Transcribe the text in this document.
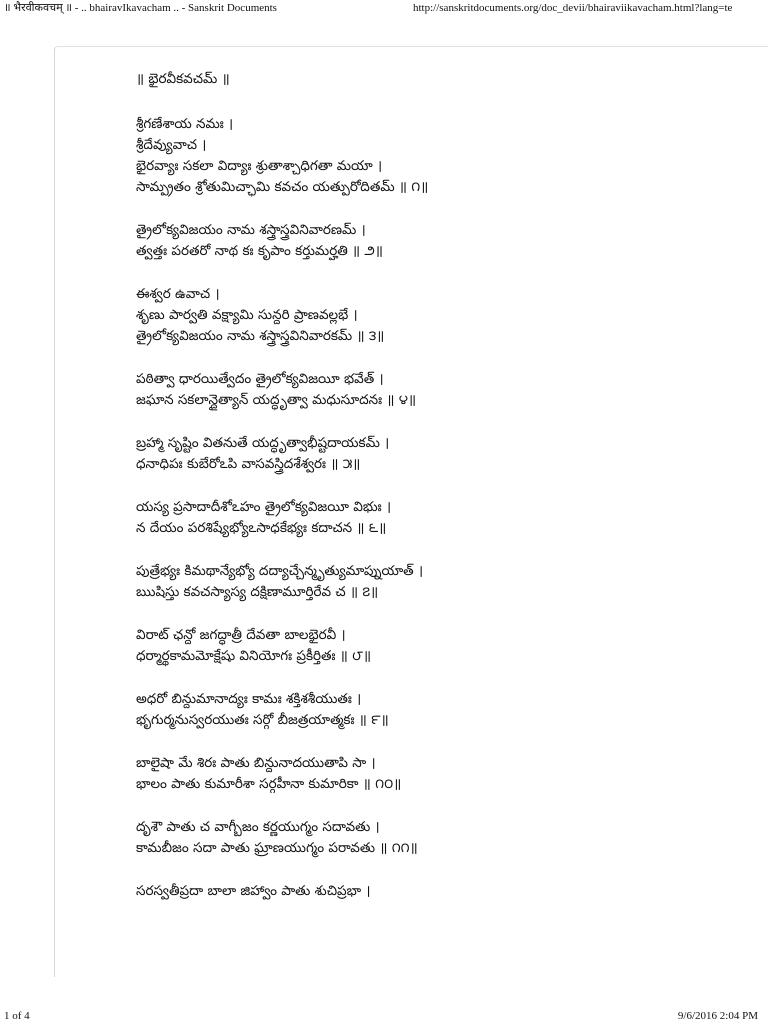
॥ भैरवीकवचम् ॥ - .. bhairavIkavacham .. - Sanskrit Documents	http://sanskritdocuments.org/doc_devii/bhairaviikavacham.html?lang=te
॥ భైరవీకవచమ్ ॥
శ్రీగణేశాయ నమః ।
శ్రీదేవ్యువాచ ।
భైరవ్యాః సకలా విద్యాః శ్రుతాశ్చాధిగతా మయా ।
సామ్ప్రతం శ్రోతుమిచ్ఛామి కవచం యత్పురోదితమ్ ॥ ౧॥
త్రైలోక్యవిజయం నామ శస్త్రాస్త్రవినివారణమ్ ।
త్వత్తః పరతరో నాథ కః కృపాం కర్తుమర్హతి ॥ ౨॥
ఈశ్వర ఉవాచ ।
శృణు పార్వతి వక్ష్యామి సున్దరి ప్రాణవల్లభే ।
త్రైలోక్యవిజయం నామ శస్త్రాస్త్రవినివారకమ్ ॥ ౩॥
పఠిత్వా ధారయిత్వేదం త్రైలోక్యవిజయీ భవేత్ ।
జఘాన సకలాన్దైత్యాన్ యద్ధృత్వా మధుసూదనః ॥ ౪॥
బ్రహ్మా సృష్టిం వితనుతే యద్ధృత్వాభీష్టదాయకమ్ ।
ధనాధిపః కుబేరోఽపి వాసవస్త్రిదశేశ్వరః ॥ ౫॥
యస్య ప్రసాదాదీశోఽహం త్రైలోక్యవిజయీ విభుః ।
న దేయం పరశిష్యేభ్యోఽసాధకేభ్యః కదాచన ॥ ౬॥
పుత్రేభ్యః కిమథాన్యేభ్యో దద్యాచ్చేన్మృత్యుమాప్నుయాత్ ।
ఋషిస్తు కవచస్యాస్య దక్షిణామూర్తిరేవ చ ॥ ౭॥
విరాట్ ఛన్దో జగద్ధాత్రీ దేవతా బాలభైరవీ ।
ధర్మార్థకామమోక్షేషు వినియోగః ప్రకీర్తితః ॥ ౮॥
అధరో బిన్దుమానాద్యః కామః శక్తిశశీయుతః ।
భృగుర్మనుస్వరయుతః సర్గో బీజత్రయాత్మకః ॥ ౯॥
బాలైషా మే శిరః పాతు బిన్దునాదయుతాపి సా ।
భాలం పాతు కుమారీశా సర్గహీనా కుమారికా ॥ ౧౦॥
దృశౌ పాతు చ వాగ్బీజం కర్ణయుగ్మం సదావతు ।
కామబీజం సదా పాతు ఘ్రాణయుగ్మం పరావతు ॥ ౧౧॥
సరస్వతీప్రదా బాలా జిహ్వాం పాతు శుచిప్రభా ।
1 of 4	9/6/2016 2:04 PM
